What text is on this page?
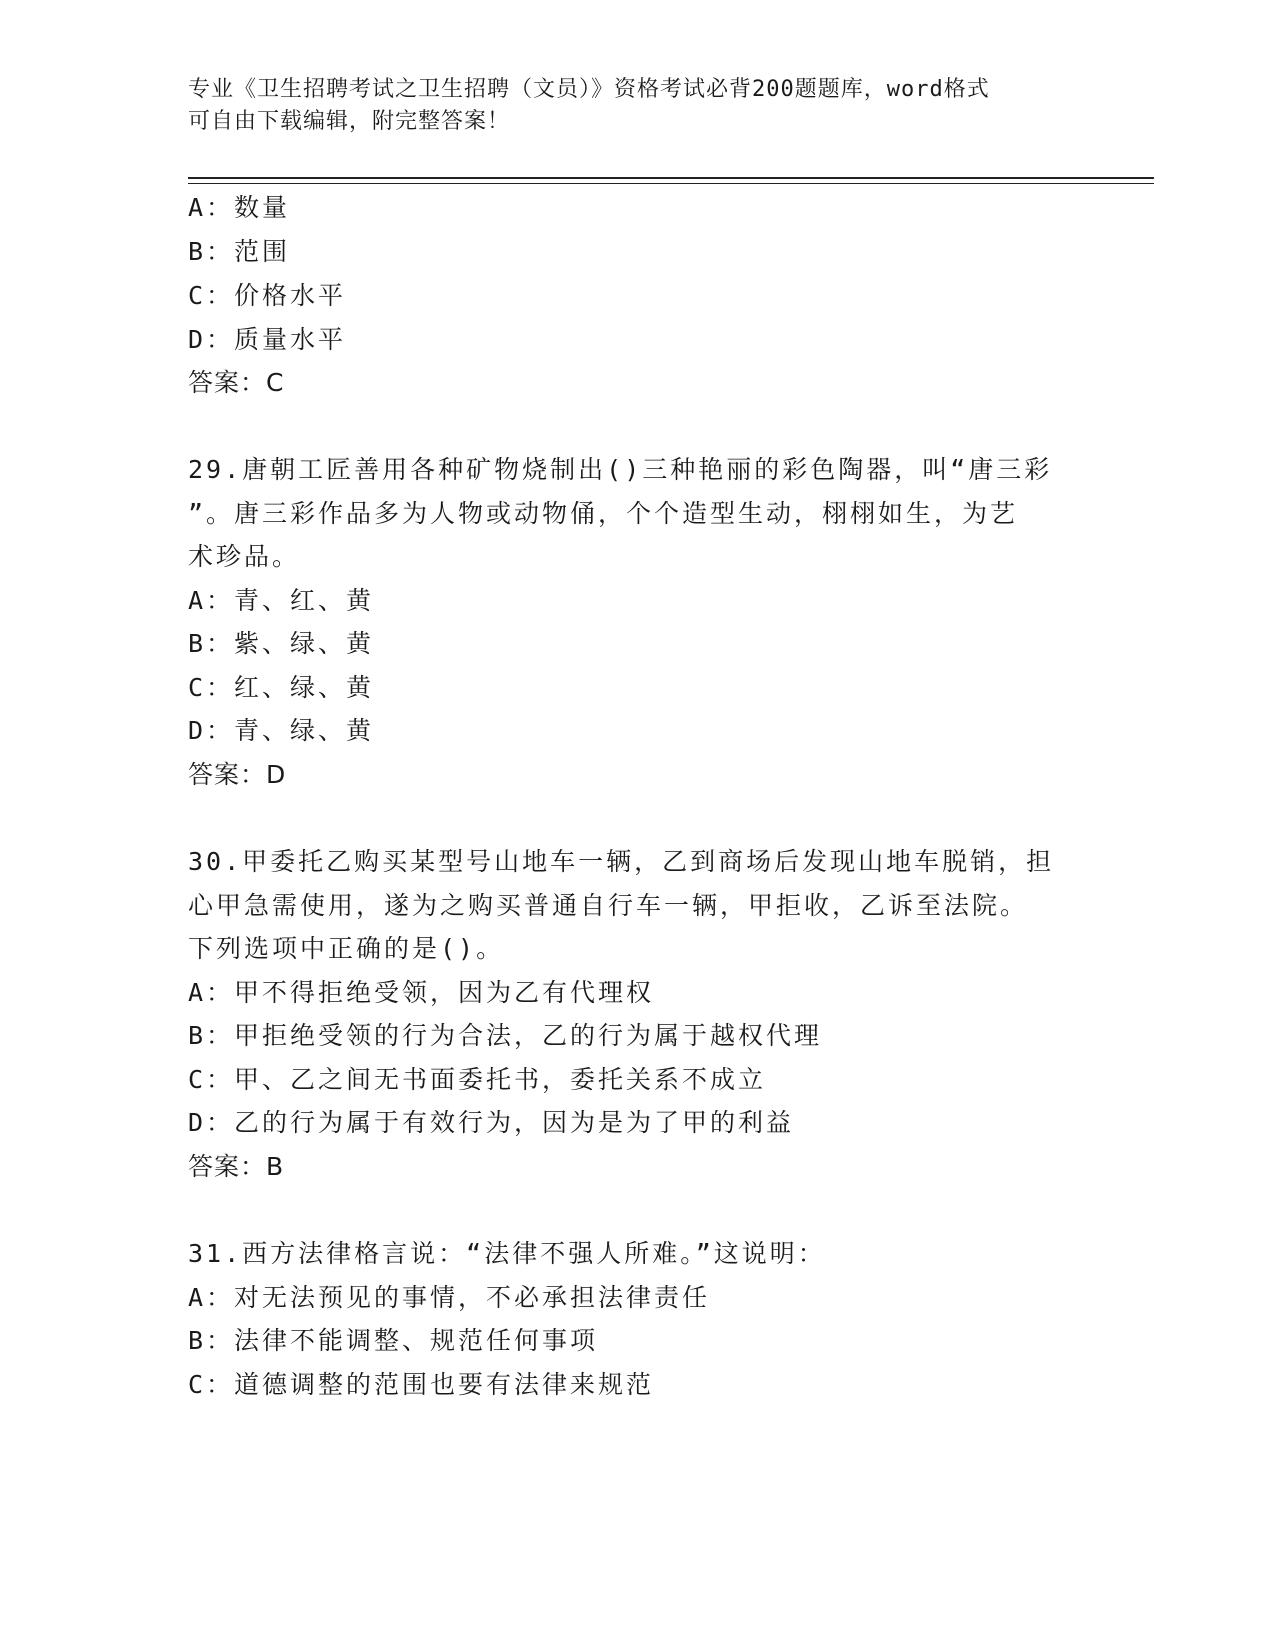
专业《卫生招聘考试之卫生招聘（文员）》资格考试必背200题题库，word格式
可自由下载编辑，附完整答案！
A：数量
B：范围
C：价格水平
D：质量水平
答案：C
29.唐朝工匠善用各种矿物烧制出()三种艳丽的彩色陶器，叫“唐三彩
”。唐三彩作品多为人物或动物俑，个个造型生动，栩栩如生，为艺
术珍品。
A：青、红、黄
B：紫、绿、黄
C：红、绿、黄
D：青、绿、黄
答案：D
30.甲委托乙购买某型号山地车一辆，乙到商场后发现山地车脱销，担
心甲急需使用，遂为之购买普通自行车一辆，甲拒收，乙诉至法院。
下列选项中正确的是()。
A：甲不得拒绝受领，因为乙有代理权
B：甲拒绝受领的行为合法，乙的行为属于越权代理
C：甲、乙之间无书面委托书，委托关系不成立
D：乙的行为属于有效行为，因为是为了甲的利益
答案：B
31.西方法律格言说：“法律不强人所难。”这说明：
A：对无法预见的事情，不必承担法律责任
B：法律不能调整、规范任何事项
C：道德调整的范围也要有法律来规范
